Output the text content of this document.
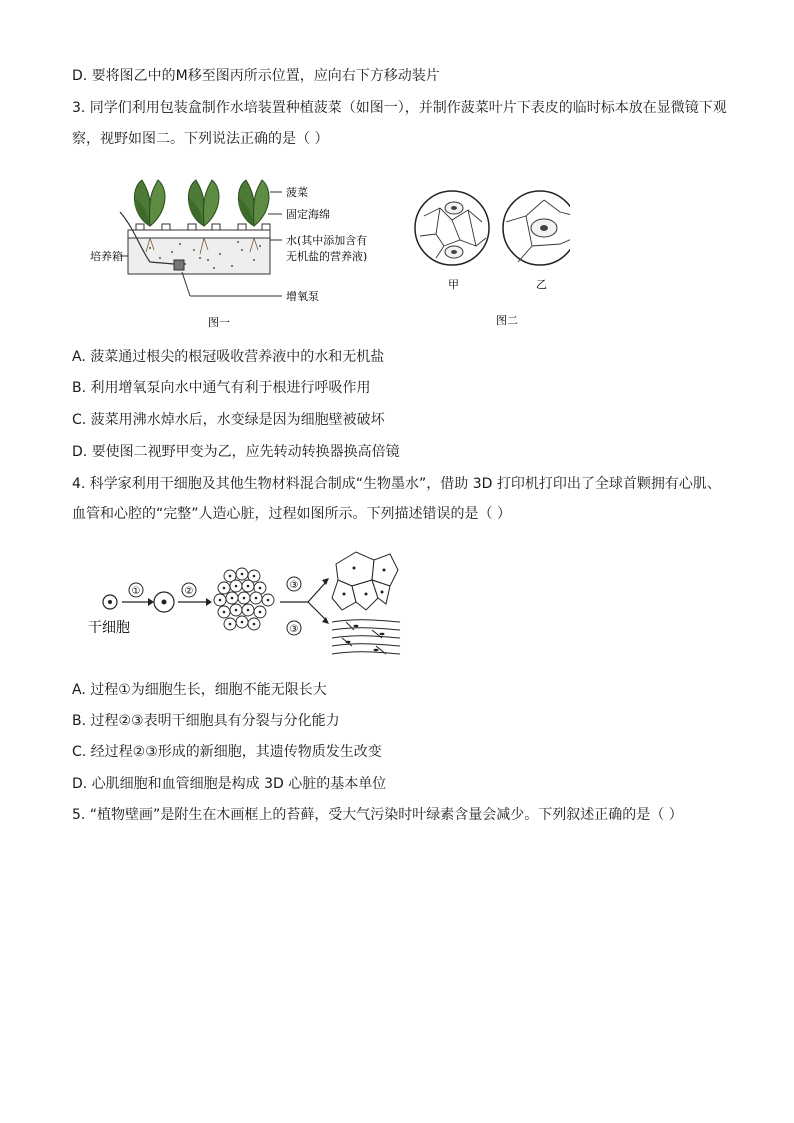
D. 要将图乙中的M移至图丙所示位置，应向右下方移动装片
3. 同学们利用包装盒制作水培装置种植菠菜（如图一），并制作菠菜叶片下表皮的临时标本放在显微镜下观
察，视野如图二。下列说法正确的是（ ）
菠菜
固定海绵
水(其中添加含有
无机盐的营养液)
培养箱
增氧泵
图一
甲	乙
图二
A. 菠菜通过根尖的根冠吸收营养液中的水和无机盐
B. 利用增氧泵向水中通气有利于根进行呼吸作用
C. 菠菜用沸水焯水后，水变绿是因为细胞壁被破坏
D. 要使图二视野甲变为乙，应先转动转换器换高倍镜
4. 科学家利用干细胞及其他生物材料混合制成“生物墨水”，借助 3D 打印机打印出了全球首颗拥有心肌、
血管和心腔的“完整”人造心脏，过程如图所示。下列描述错误的是（ ）
①	②
③
③
干细胞
A. 过程①为细胞生长，细胞不能无限长大
B. 过程②③表明干细胞具有分裂与分化能力
C. 经过程②③形成的新细胞，其遗传物质发生改变
D. 心肌细胞和血管细胞是构成 3D 心脏的基本单位
5. “植物壁画”是附生在木画框上的苔藓，受大气污染时叶绿素含量会减少。下列叙述正确的是（ ）
